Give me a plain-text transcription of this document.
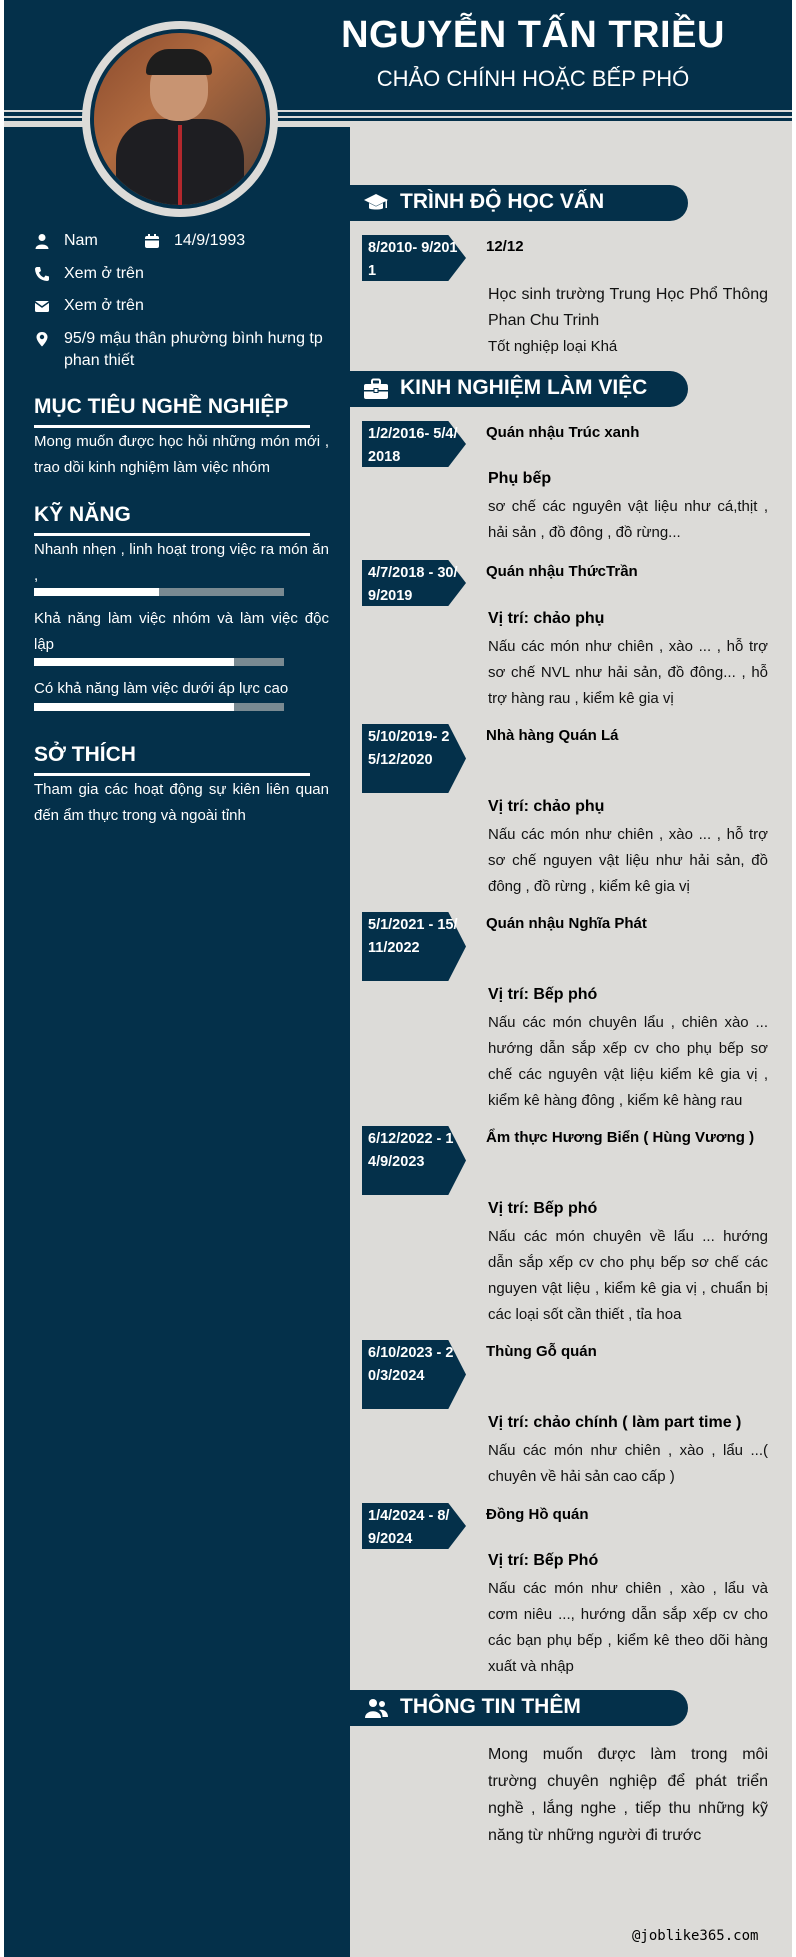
NGUYỄN TẤN TRIỀU
CHẢO CHÍNH HOẶC BẾP PHÓ
Nam	14/9/1993
Xem ở trên
Xem ở trên
95/9 mậu thân phường bình hưng tp phan thiết
MỤC TIÊU NGHỀ NGHIỆP
Mong muốn được học hỏi những món mới , trao dồi kinh nghiệm làm việc nhóm
KỸ NĂNG
Nhanh nhẹn , linh hoạt trong việc ra món ăn ,
Khả năng làm việc nhóm và làm việc độc lập
Có khả năng làm việc dưới áp lực cao
SỞ THÍCH
Tham gia các hoạt động sự kiên liên quan đến ẩm thực trong và ngoài tỉnh
TRÌNH ĐỘ HỌC VẤN
8/2010- 9/2011
12/12
Học sinh trường Trung Học Phổ Thông Phan Chu Trinh
Tốt nghiệp loại Khá
KINH NGHIỆM LÀM VIỆC
1/2/2016- 5/4/2018
Quán nhậu Trúc xanh
Phụ bếp
sơ chế các nguyên vật liệu như cá,thịt , hải sản , đồ đông , đồ rừng...
4/7/2018 - 30/9/2019
Quán nhậu ThứcTrần
Vị trí: chảo phụ
Nấu các món như chiên , xào ... , hỗ trợ sơ chế NVL như hải sản, đồ đông... , hỗ trợ hàng rau , kiểm kê gia vị
5/10/2019- 25/12/2020
Nhà hàng Quán Lá
Vị trí: chảo phụ
Nấu các món như chiên , xào ... , hỗ trợ sơ chế nguyen vật liệu như hải sản, đồ đông , đồ rừng , kiểm kê gia vị
5/1/2021 - 15/11/2022
Quán nhậu Nghĩa Phát
Vị trí: Bếp phó
Nấu các món chuyên lẩu , chiên xào ... hướng dẫn sắp xếp cv cho phụ bếp sơ chế các nguyên vật liệu kiểm kê gia vị , kiểm kê hàng đông , kiểm kê hàng rau
6/12/2022 - 14/9/2023
Ẩm thực Hương Biển ( Hùng Vương )
Vị trí: Bếp phó
Nấu các món chuyên về lẩu ... hướng dẫn sắp xếp cv cho phụ bếp sơ chế các nguyen vật liệu , kiểm kê gia vị , chuẩn bị các loại sốt cần thiết , tỉa hoa
6/10/2023 - 20/3/2024
Thùng Gỗ quán
Vị trí: chảo chính ( làm part time )
Nấu các món như chiên , xào , lẩu ...( chuyên về hải sản cao cấp )
1/4/2024 - 8/9/2024
Đồng Hồ quán
Vị trí: Bếp Phó
Nấu các món như chiên , xào , lẩu và cơm niêu ..., hướng dẫn sắp xếp cv cho các bạn phụ bếp , kiểm kê theo dõi hàng xuất và nhập
THÔNG TIN THÊM
Mong muốn được làm trong môi trường chuyên nghiệp để phát triển nghề , lắng nghe , tiếp thu những kỹ năng từ những người đi trước
@joblike365.com
